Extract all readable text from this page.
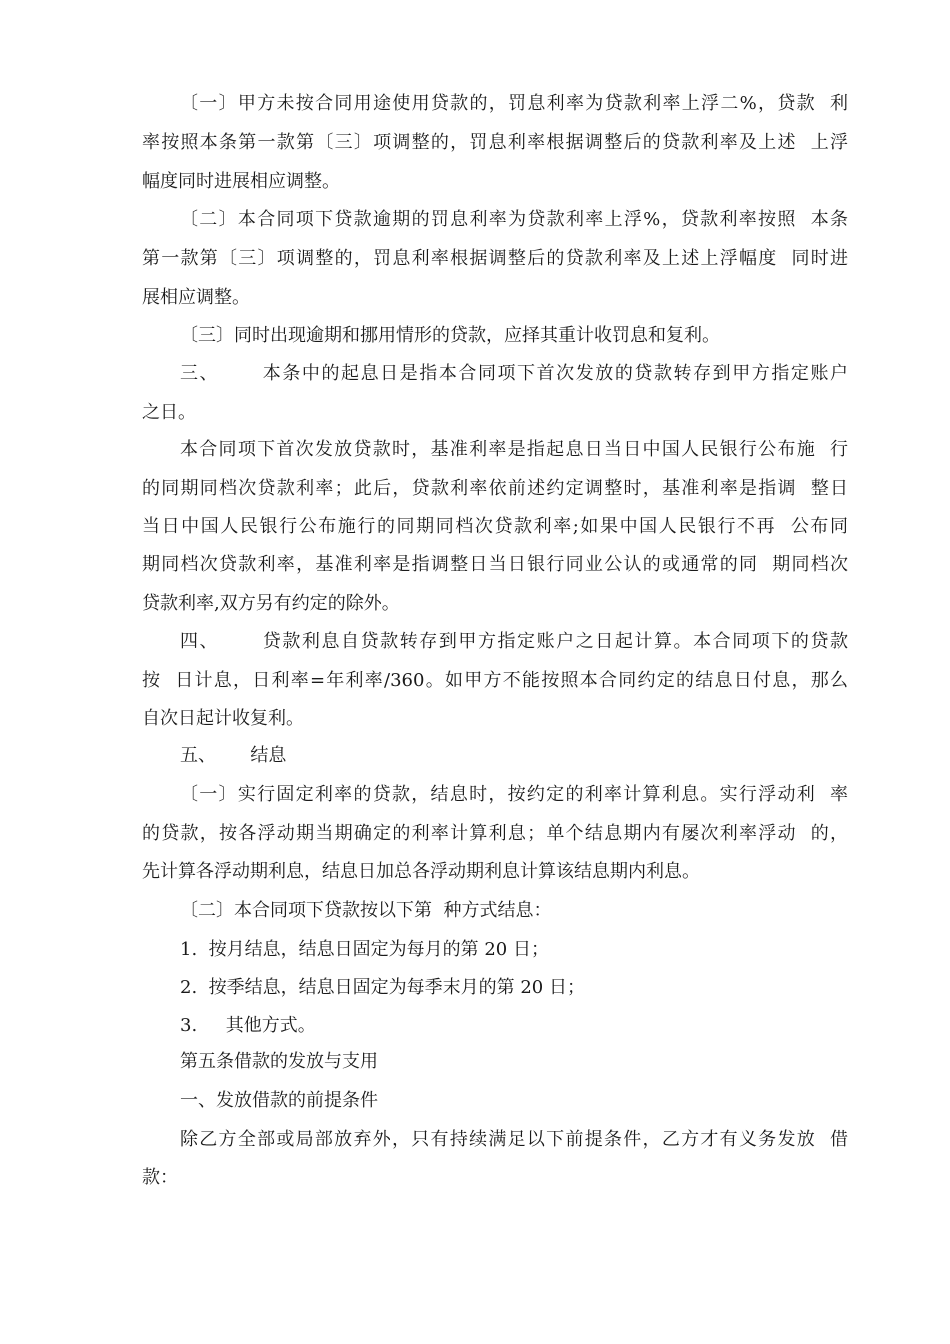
〔一〕甲方未按合同用途使用贷款的，罚息利率为贷款利率上浮二%，贷款  利
率按照本条第一款第〔三〕项调整的，罚息利率根据调整后的贷款利率及上述  上浮
幅度同时进展相应调整。
〔二〕本合同项下贷款逾期的罚息利率为贷款利率上浮%，贷款利率按照  本条
第一款第〔三〕项调整的，罚息利率根据调整后的贷款利率及上述上浮幅度  同时进
展相应调整。
〔三〕同时出现逾期和挪用情形的贷款，应择其重计收罚息和复利。
三、      本条中的起息日是指本合同项下首次发放的贷款转存到甲方指定账户
之日。
本合同项下首次发放贷款时，基准利率是指起息日当日中国人民银行公布施  行
的同期同档次贷款利率；此后，贷款利率依前述约定调整时，基准利率是指调  整日
当日中国人民银行公布施行的同期同档次贷款利率;如果中国人民银行不再  公布同
期同档次贷款利率，基准利率是指调整日当日银行同业公认的或通常的同  期同档次
贷款利率,双方另有约定的除外。
四、      贷款利息自贷款转存到甲方指定账户之日起计算。本合同项下的贷款
按  日计息，日利率=年利率/360。如甲方不能按照本合同约定的结息日付息，那么
自次日起计收复利。
五、      结息
〔一〕实行固定利率的贷款，结息时，按约定的利率计算利息。实行浮动利  率
的贷款，按各浮动期当期确定的利率计算利息；单个结息期内有屡次利率浮动  的，
先计算各浮动期利息，结息日加总各浮动期利息计算该结息期内利息。
〔二〕本合同项下贷款按以下第  种方式结息：
1.  按月结息，结息日固定为每月的第 20 日；
2.  按季结息，结息日固定为每季末月的第 20 日；
3.     其他方式。
第五条借款的发放与支用
一、发放借款的前提条件
除乙方全部或局部放弃外，只有持续满足以下前提条件，乙方才有义务发放  借
款：
